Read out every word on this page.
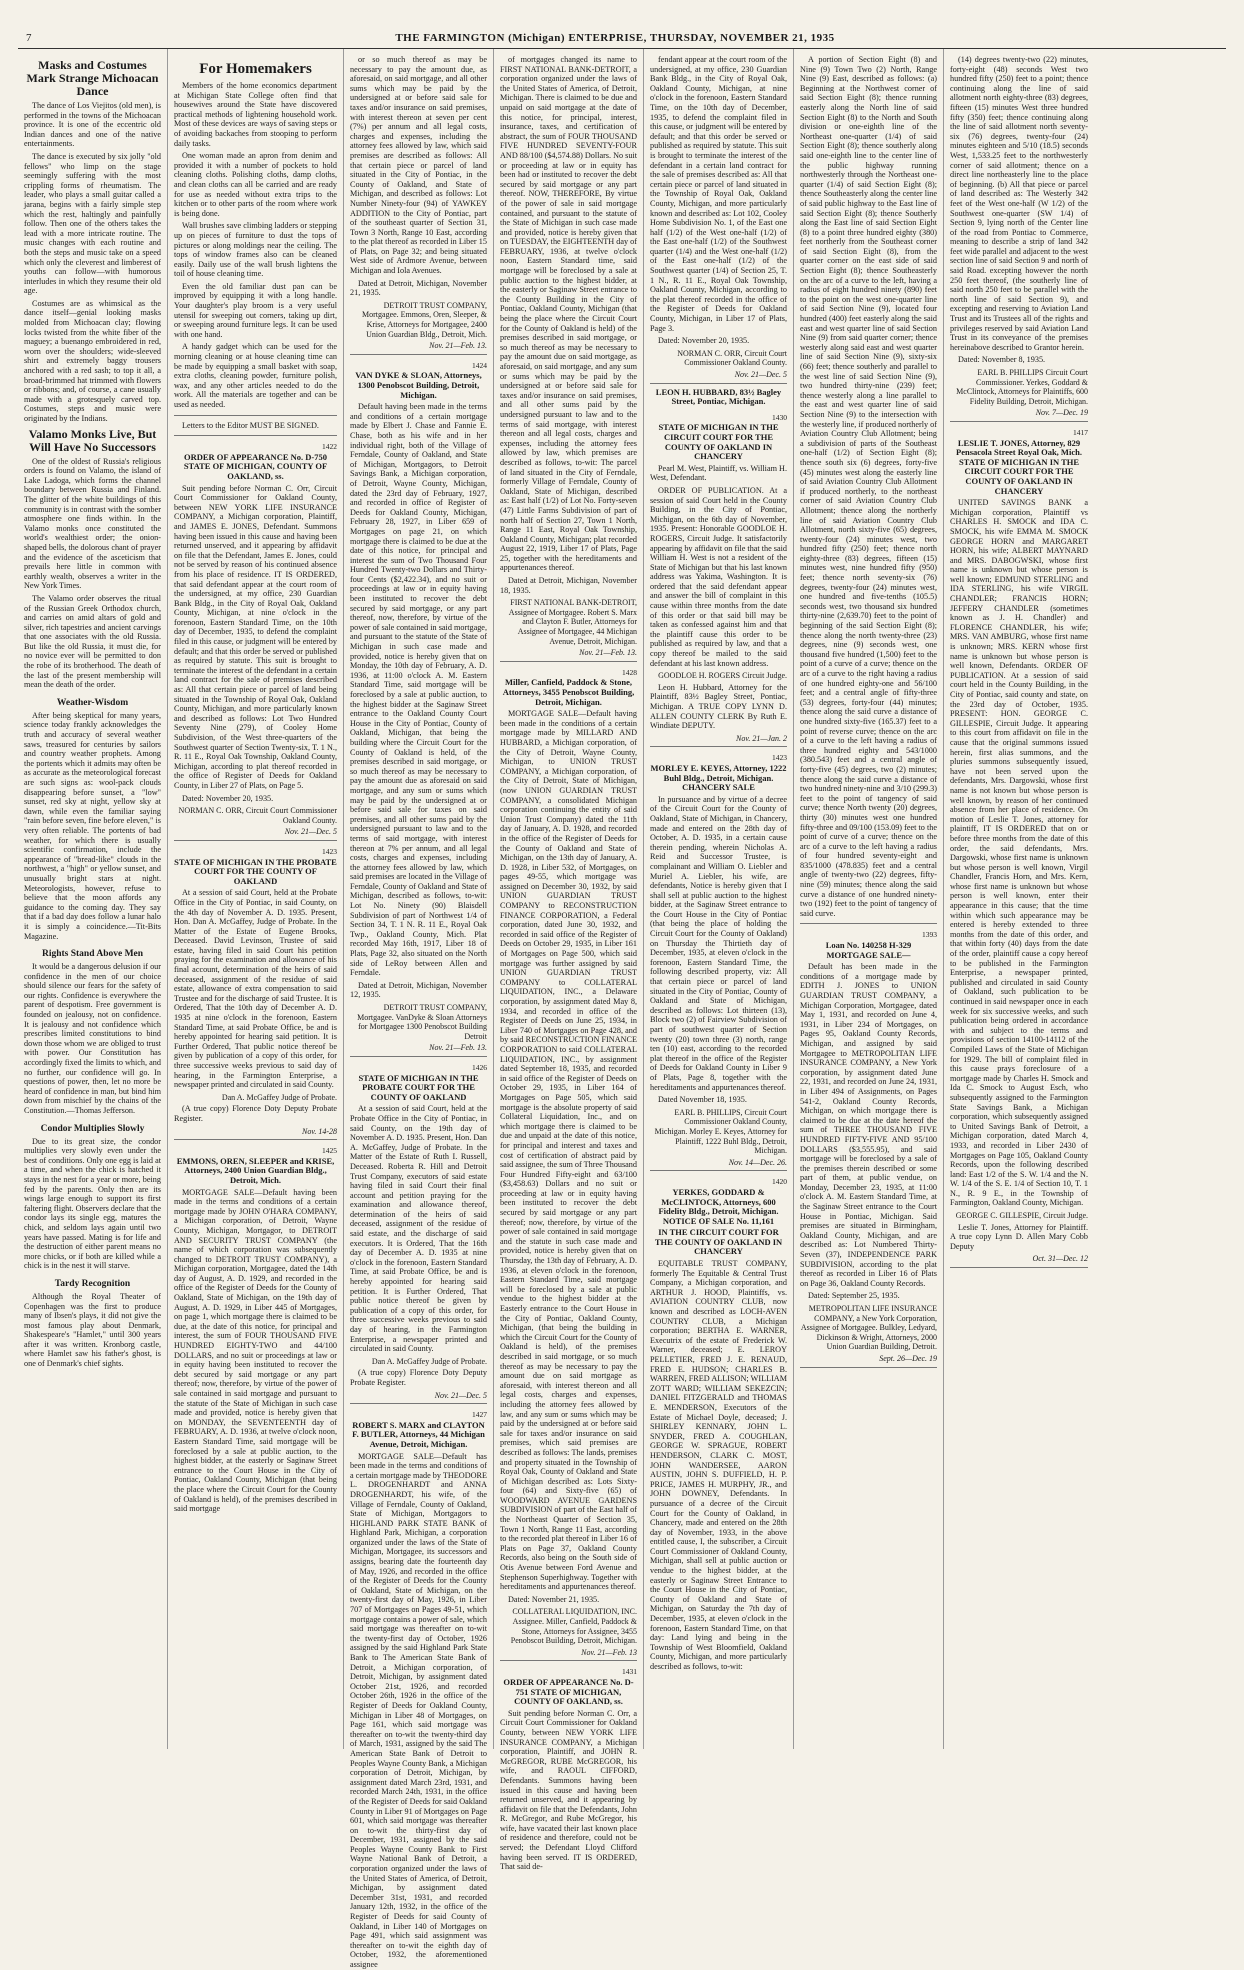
7	THE FARMINGTON (Michigan) ENTERPRISE, THURSDAY, NOVEMBER 21, 1935
Masks and Costumes Mark Strange Michoacan Dance

The dance of Los Viejitos (old men), is performed in the towns of the Michoacan province. It is one of the eccentric old Indian dances and one of the native entertainments.

The dance is executed by six jolly "old fellows" who limp on the stage seemingly suffering with the most crippling forms of rheumatism. The leader, who plays a small guitar called a jarana, begins with a fairly simple step which the rest, haltingly and painfully follow. Then one of the others takes the lead with a more intricate routine. The music changes with each routine and both the steps and music take on a speed which only the cleverest and limberest of youths can follow—with humorous interludes in which they resume their old age.

Costumes are as whimsical as the dance itself—genial looking masks molded from Michoacan clay; flowing locks twisted from the white fiber of the maguey; a buenango embroidered in red, worn over the shoulders; wide-sleeved shirt and extremely baggy trousers anchored with a red sash; to top it all, a broad-brimmed hat trimmed with flowers or ribbons; and, of course, a cane usually made with a grotesquely carved top. Costumes, steps and music were originated by the Indians.

Valamo Monks Live, But Will Have No Successors

One of the oldest of Russia's religious orders is found on Valamo, the island of Lake Ladoga, which forms the channel boundary between Russia and Finland. The glitter of the white buildings of this community is in contrast with the somber atmosphere one finds within. In the Valamo monks once constituted the world's wealthiest order; the onion-shaped bells, the dolorous chant of prayer and the evidence of the asceticism that prevails here little in common with earthly wealth, observes a writer in the New York Times.

The Valamo order observes the ritual of the Russian Greek Orthodox church, and carries on amid altars of gold and silver, rich tapestries and ancient carvings that one associates with the old Russia. But like the old Russia, it must die, for no novice ever will be permitted to don the robe of its brotherhood. The death of the last of the present membership will mean the death of the order.

Weather-Wisdom

After being skeptical for many years, science today frankly acknowledges the truth and accuracy of several weather saws, treasured for centuries by sailors and country weather prophets. Among the portents which it admits may often be as accurate as the meteorological forecast are such signs as: wool-pack clouds disappearing before sunset, a "low" sunset, red sky at night, yellow sky at dawn, while even the familiar saying "rain before seven, fine before eleven," is very often reliable. The portents of bad weather, for which there is usually scientific confirmation, include the appearance of "bread-like" clouds in the northwest, a "high" or yellow sunset, and unusually bright stars at night. Meteorologists, however, refuse to believe that the moon affords any guidance to the coming day. They say that if a bad day does follow a lunar halo it is simply a coincidence.—Tit-Bits Magazine.

Rights Stand Above Men

It would be a dangerous delusion if our confidence in the men of our choice should silence our fears for the safety of our rights. Confidence is everywhere the parent of despotism. Free government is founded on jealousy, not on confidence. It is jealousy and not confidence which prescribes limited constitutions to bind down those whom we are obliged to trust with power. Our Constitution has accordingly fixed the limits to which, and no further, our confidence will go. In questions of power, then, let no more be heard of confidence in man, but bind him down from mischief by the chains of the Constitution.—Thomas Jefferson.

Condor Multiplies Slowly

Due to its great size, the condor multiplies very slowly even under the best of conditions. Only one egg is laid at a time, and when the chick is hatched it stays in the nest for a year or more, being fed by the parents. Only then are its wings large enough to support its first faltering flight. Observers declare that the condor lays its single egg, matures the chick, and seldom lays again until two years have passed. Mating is for life and the destruction of either parent means no more chicks, or if both are killed while a chick is in the nest it will starve.

Tardy Recognition

Although the Royal Theater of Copenhagen was the first to produce many of Ibsen's plays, it did not give the most famous play about Denmark, Shakespeare's "Hamlet," until 300 years after it was written. Kronborg castle, where Hamlet saw his father's ghost, is one of Denmark's chief sights.

For Homemakers

Members of the home economics department at Michigan State College often find that housewives around the State have discovered practical methods of lightening household work. Most of these devices are ways of saving steps or of avoiding backaches from stooping to perform daily tasks.

One woman made an apron from denim and provided it with a number of pockets to hold cleaning cloths. Polishing cloths, damp cloths, and clean cloths can all be carried and are ready for use as needed without extra trips to the kitchen or to other parts of the room where work is being done.

Wall brushes save climbing ladders or stepping up on pieces of furniture to dust the tops of pictures or along moldings near the ceiling. The tops of window frames also can be cleaned easily. Daily use of the wall brush lightens the toil of house cleaning time.

Even the old familiar dust pan can be improved by equipping it with a long handle. Your daughter's play broom is a very useful utensil for sweeping out corners, taking up dirt, or sweeping around furniture legs. It can be used with one hand.

A handy gadget which can be used for the morning cleaning or at house cleaning time can be made by equipping a small basket with soap, extra cloths, cleaning powder, furniture polish, wax, and any other articles needed to do the work. All the materials are together and can be used as needed.

Letters to the Editor MUST BE SIGNED.

1422
ORDER OF APPEARANCE No. D-750 STATE OF MICHIGAN, COUNTY OF OAKLAND, ss.

Suit pending before Norman C. Orr, Circuit Court Commissioner for Oakland County, between NEW YORK LIFE INSURANCE COMPANY, a Michigan corporation, Plaintiff, and JAMES E. JONES, Defendant. Summons having been issued in this cause and having been returned unserved, and it appearing by affidavit on file that the Defendant, James E. Jones, could not be served by reason of his continued absence from his place of residence. IT IS ORDERED, that said defendant appear at the court room of the undersigned, at my office, 230 Guardian Bank Bldg., in the City of Royal Oak, Oakland County, Michigan, at nine o'clock in the forenoon, Eastern Standard Time, on the 10th day of December, 1935, to defend the complaint filed in this cause, or judgment will be entered by default; and that this order be served or published as required by statute. This suit is brought to terminate the interest of the defendant in a certain land contract for the sale of premises described as: All that certain piece or parcel of land being situated in the Township of Royal Oak, Oakland County, Michigan, and more particularly known and described as follows: Lot Two Hundred Seventy Nine (279), of Cooley Home Subdivision, of the West three-quarters of the Southwest quarter of Section Twenty-six, T. 1 N., R. 11 E., Royal Oak Township, Oakland County, Michigan, according to plat thereof recorded in the office of Register of Deeds for Oakland County, in Liber 27 of Plats, on Page 5.

Dated: November 20, 1935.

NORMAN C. ORR, Circuit Court Commissioner Oakland County.
Nov. 21—Dec. 5
1423
STATE OF MICHIGAN IN THE PROBATE COURT FOR THE COUNTY OF OAKLAND

At a session of said Court, held at the Probate Office in the City of Pontiac, in said County, on the 4th day of November A. D. 1935. Present, Hon. Dan A. McGaffey, Judge of Probate. In the Matter of the Estate of Eugene Brooks, Deceased. David Levinson, Trustee of said estate, having filed in said Court his petition praying for the examination and allowance of his final account, determination of the heirs of said deceased, assignment of the residue of said estate, allowance of extra compensation to said Trustee and for the discharge of said Trustee. It is Ordered, That the 10th day of December A. D. 1935 at nine o'clock in the forenoon, Eastern Standard Time, at said Probate Office, be and is hereby appointed for hearing said petition. It is Further Ordered, That public notice thereof be given by publication of a copy of this order, for three successive weeks previous to said day of hearing, in the Farmington Enterprise, a newspaper printed and circulated in said County.

Dan A. McGaffey Judge of Probate.

(A true copy) Florence Doty Deputy Probate Register.

Nov. 14-28
1425
EMMONS, OREN, SLEEPER and KRISE, Attorneys, 2400 Union Guardian Bldg., Detroit, Mich.

MORTGAGE SALE—Default having been made in the terms and conditions of a certain mortgage made by JOHN O'HARA COMPANY, a Michigan corporation, of Detroit, Wayne County, Michigan, Mortgagor, to DETROIT AND SECURITY TRUST COMPANY (the name of which corporation was subsequently changed to DETROIT TRUST COMPANY), a Michigan corporation, Mortgagee, dated the 14th day of August, A. D. 1929, and recorded in the office of the Register of Deeds for the County of Oakland, State of Michigan, on the 19th day of August, A. D. 1929, in Liber 445 of Mortgages, on page 1, which mortgage there is claimed to be due, at the date of this notice, for principal and interest, the sum of FOUR THOUSAND FIVE HUNDRED EIGHTY-TWO and 44/100 DOLLARS, and no suit or proceedings at law or in equity having been instituted to recover the debt secured by said mortgage or any part thereof; now, therefore, by virtue of the power of sale contained in said mortgage and pursuant to the statute of the State of Michigan in such case made and provided, notice is hereby given that on MONDAY, the SEVENTEENTH day of FEBRUARY, A. D. 1936, at twelve o'clock noon, Eastern Standard Time, said mortgage will be foreclosed by a sale at public auction, to the highest bidder, at the easterly or Saginaw Street entrance to the Court House in the City of Pontiac, Oakland County, Michigan (that being the place where the Circuit Court for the County of Oakland is held), of the premises described in said mortgage

or so much thereof as may be necessary to pay the amount due, as aforesaid, on said mortgage, and all other sums which may be paid by the undersigned at or before said sale for taxes and/or insurance on said premises, with interest thereon at seven per cent (7%) per annum and all legal costs, charges and expenses, including the attorney fees allowed by law, which said premises are described as follows: All that certain piece or parcel of land situated in the City of Pontiac, in the County of Oakland, and State of Michigan, and described as follows: Lot Number Ninety-four (94) of YAWKEY ADDITION to the City of Pontiac, part of the southeast quarter of Section 31, Town 3 North, Range 10 East, according to the plat thereof as recorded in Liber 15 of Plats, on Page 32; and being situated West side of Ardmore Avenue, between Michigan and Iola Avenues.

Dated at Detroit, Michigan, November 21, 1935.

DETROIT TRUST COMPANY, Mortgagee. Emmons, Oren, Sleeper, & Krise, Attorneys for Mortgagee, 2400 Union Guardian Bldg., Detroit, Mich.
Nov. 21—Feb. 13.
1424
VAN DYKE & SLOAN, Attorneys, 1300 Penobscot Building, Detroit, Michigan.

Default having been made in the terms and conditions of a certain mortgage made by Elbert J. Chase and Fannie E. Chase, both as his wife and in her individual right, both of the Village of Ferndale, County of Oakland, and State of Michigan, Mortgagors, to Detroit Savings Bank, a Michigan corporation, of Detroit, Wayne County, Michigan, dated the 23rd day of February, 1927, and recorded in office of Register of Deeds for Oakland County, Michigan, February 28, 1927, in Liber 659 of Mortgages on page 21, on which mortgage there is claimed to be due at the date of this notice, for principal and interest the sum of Two Thousand Four Hundred Twenty-two Dollars and Thirty-four Cents ($2,422.34), and no suit or proceedings at law or in equity having been instituted to recover the debt secured by said mortgage, or any part thereof, now, therefore, by virtue of the power of sale contained in said mortgage, and pursuant to the statute of the State of Michigan in such case made and provided, notice is hereby given that on Monday, the 10th day of February, A. D. 1936, at 11:00 o'clock A. M. Eastern Standard Time, said mortgage will be foreclosed by a sale at public auction, to the highest bidder at the Saginaw Street entrance to the Oakland County Court House in the City of Pontiac, County of Oakland, Michigan, that being the building where the Circuit Court for the County of Oakland is held, of the premises described in said mortgage, or so much thereof as may be necessary to pay the amount due as aforesaid on said mortgage, and any sum or sums which may be paid by the undersigned at or before said sale for taxes on said premises, and all other sums paid by the undersigned pursuant to law and to the terms of said mortgage, with interest thereon at 7% per annum, and all legal costs, charges and expenses, including the attorney fees allowed by law, which said premises are located in the Village of Ferndale, County of Oakland and State of Michigan, described as follows, to-wit: Lot No. Ninety (90) Blaisdell Subdivision of part of Northwest 1/4 of Section 34, T. 1 N. R. 11 E., Royal Oak Twp., Oakland County, Mich. Plat recorded May 16th, 1917, Liber 18 of Plats, Page 32, also situated on the North side of LeRoy between Allen and Ferndale.

Dated at Detroit, Michigan, November 12, 1935.

DETROIT TRUST COMPANY, Mortgagee. VanDyke & Sloan Attorneys for Mortgagee 1300 Penobscot Building Detroit
Nov. 21—Feb. 13.
1426
STATE OF MICHIGAN IN THE PROBATE COURT FOR THE COUNTY OF OAKLAND

At a session of said Court, held at the Probate Office in the City of Pontiac, in said County, on the 19th day of November A. D. 1935. Present, Hon. Dan A. McGaffey, Judge of Probate. In the Matter of the Estate of Ruth I. Russell, Deceased. Roberta R. Hill and Detroit Trust Company, executors of said estate having filed in said Court their final account and petition praying for the examination and allowance thereof, determination of the heirs of said deceased, assignment of the residue of said estate, and the discharge of said executors. It is Ordered, That the 16th day of December A. D. 1935 at nine o'clock in the forenoon, Eastern Standard Time, at said Probate Office, be and is hereby appointed for hearing said petition. It is Further Ordered, That public notice thereof be given by publication of a copy of this order, for three successive weeks previous to said day of hearing, in the Farmington Enterprise, a newspaper printed and circulated in said County.

Dan A. McGaffey Judge of Probate.

(A true copy) Florence Doty Deputy Probate Register.

Nov. 21—Dec. 5
1427
ROBERT S. MARX and CLAYTON F. BUTLER, Attorneys, 44 Michigan Avenue, Detroit, Michigan.

MORTGAGE SALE—Default has been made in the terms and conditions of a certain mortgage made by THEODORE L. DROGENHARDT and ANNA DROGENHARDT, his wife, of the Village of Ferndale, County of Oakland, State of Michigan, Mortgagors to HIGHLAND PARK STATE BANK of Highland Park, Michigan, a corporation organized under the laws of the State of Michigan, Mortgagee, its successors and assigns, bearing date the fourteenth day of May, 1926, and recorded in the office of the Register of Deeds for the County of Oakland, State of Michigan, on the twenty-first day of May, 1926, in Liber 707 of Mortgages on Pages 49-51, which mortgage contains a power of sale, which said mortgage was thereafter on to-wit the twenty-first day of October, 1926 assigned by the said Highland Park State Bank to The American State Bank of Detroit, a Michigan corporation, of Detroit, Michigan, by assignment dated October 21st, 1926, and recorded October 26th, 1926 in the office of the Register of Deeds for Oakland County, Michigan in Liber 48 of Mortgages, on Page 161, which said mortgage was thereafter on to-wit the twenty-third day of March, 1931, assigned by the said The American State Bank of Detroit to Peoples Wayne County Bank, a Michigan corporation of Detroit, Michigan, by assignment dated March 23rd, 1931, and recorded March 24th, 1931, in the office of the Register of Deeds for said Oakland County in Liber 91 of Mortgages on Page 601, which said mortgage was thereafter on to-wit the thirty-first day of December, 1931, assigned by the said Peoples Wayne County Bank to First Wayne National Bank of Detroit, a corporation organized under the laws of the United States of America, of Detroit, Michigan, by assignment dated December 31st, 1931, and recorded January 12th, 1932, in the office of the Register of Deeds for said County of Oakland, in Liber 140 of Mortgages on Page 491, which said assignment was thereafter on to-wit the eighth day of October, 1932, the aforementioned assignee

of mortgages changed its name to FIRST NATIONAL BANK-DETROIT, a corporation organized under the laws of the United States of America, of Detroit, Michigan. There is claimed to be due and unpaid on said mortgage at the date of this notice, for principal, interest, insurance, taxes, and certification of abstract, the sum of FOUR THOUSAND FIVE HUNDRED SEVENTY-FOUR AND 88/100 ($4,574.88) Dollars. No suit or proceeding at law or in equity has been had or instituted to recover the debt secured by said mortgage or any part thereof. NOW, THEREFORE, By virtue of the power of sale in said mortgage contained, and pursuant to the statute of the State of Michigan in such case made and provided, notice is hereby given that on TUESDAY, the EIGHTEENTH day of FEBRUARY, 1936, at twelve o'clock noon, Eastern Standard time, said mortgage will be foreclosed by a sale at public auction to the highest bidder, at the easterly or Saginaw Street entrance to the County Building in the City of Pontiac, Oakland County, Michigan (that being the place where the Circuit Court for the County of Oakland is held) of the premises described in said mortgage, or so much thereof as may be necessary to pay the amount due on said mortgage, as aforesaid, on said mortgage, and any sum or sums which may be paid by the undersigned at or before said sale for taxes and/or insurance on said premises, and all other sums paid by the undersigned pursuant to law and to the terms of said mortgage, with interest thereon and all legal costs, charges and expenses, including the attorney fees allowed by law, which premises are described as follows, to-wit: The parcel of land situated in the City of Ferndale, formerly Village of Ferndale, County of Oakland, State of Michigan, described as: East half (1/2) of Lot No. Forty-seven (47) Little Farms Subdivision of part of north half of Section 27, Town 1 North, Range 11 East, Royal Oak Township, Oakland County, Michigan; plat recorded August 22, 1919, Liber 17 of Plats, Page 25, together with the hereditaments and appurtenances thereof.

Dated at Detroit, Michigan, November 18, 1935.

FIRST NATIONAL BANK-DETROIT, Assignee of Mortgagee. Robert S. Marx and Clayton F. Butler, Attorneys for Assignee of Mortgagee, 44 Michigan Avenue, Detroit, Michigan.
Nov. 21—Feb. 13.
1428
Miller, Canfield, Paddock & Stone, Attorneys, 3455 Penobscot Building, Detroit, Michigan.

MORTGAGE SALE—Default having been made in the conditions of a certain mortgage made by MILLARD AND HUBBARD, a Michigan corporation, of the City of Detroit, Wayne County, Michigan, to UNION TRUST COMPANY, a Michigan corporation, of the City of Detroit, State of Michigan, (now UNION GUARDIAN TRUST COMPANY, a consolidated Michigan corporation continuing the entity of said Union Trust Company) dated the 11th day of January, A. D. 1928, and recorded in the office of the Register of Deeds for the County of Oakland and State of Michigan, on the 13th day of January, A. D. 1928, in Liber 532, of Mortgages, on pages 49-55, which mortgage was assigned on December 30, 1932, by said UNION GUARDIAN TRUST COMPANY to RECONSTRUCTION FINANCE CORPORATION, a Federal corporation, dated June 30, 1932, and recorded in said office of the Register of Deeds on October 29, 1935, in Liber 161 of Mortgages on Page 500, which said mortgage was further assigned by said UNION GUARDIAN TRUST COMPANY to COLLATERAL LIQUIDATION, INC., a Delaware corporation, by assignment dated May 8, 1934, and recorded in office of the Register of Deeds on June 25, 1934, in Liber 740 of Mortgages on Page 428, and by said RECONSTRUCTION FINANCE CORPORATION to said COLLATERAL LIQUIDATION, INC., by assignment dated September 18, 1935, and recorded in said office of the Register of Deeds on October 29, 1935, in Liber 164 of Mortgages on Page 505, which said mortgage is the absolute property of said Collateral Liquidation, Inc., and on which mortgage there is claimed to be due and unpaid at the date of this notice, for principal and interest and taxes and cost of certification of abstract paid by said assignee, the sum of Three Thousand Four Hundred Fifty-eight and 63/100 ($3,458.63) Dollars and no suit or proceeding at law or in equity having been instituted to recover the debt secured by said mortgage or any part thereof; now, therefore, by virtue of the power of sale contained in said mortgage and the statute in such case made and provided, notice is hereby given that on Thursday, the 13th day of February, A. D. 1936, at eleven o'clock in the forenoon, Eastern Standard Time, said mortgage will be foreclosed by a sale at public vendue to the highest bidder at the Easterly entrance to the Court House in the City of Pontiac, Oakland County, Michigan, (that being the building in which the Circuit Court for the County of Oakland is held), of the premises described in said mortgage, or so much thereof as may be necessary to pay the amount due on said mortgage as aforesaid, with interest thereon and all legal costs, charges and expenses, including the attorney fees allowed by law, and any sum or sums which may be paid by the undersigned at or before said sale for taxes and/or insurance on said premises, which said premises are described as follows: The lands, premises and property situated in the Township of Royal Oak, County of Oakland and State of Michigan described as: Lots Sixty-four (64) and Sixty-five (65) of WOODWARD AVENUE GARDENS SUBDIVISION of part of the East half of the Northeast Quarter of Section 35, Town 1 North, Range 11 East, according to the recorded plat thereof in Liber 16 of Plats on Page 37, Oakland County Records, also being on the South side of Otis Avenue between Ford Avenue and Stephenson Superhighway. Together with hereditaments and appurtenances thereof.

Dated: November 21, 1935.

COLLATERAL LIQUIDATION, INC. Assignee. Miller, Canfield, Paddock & Stone, Attorneys for Assignee, 3455 Penobscot Building, Detroit, Michigan.
Nov. 21—Feb. 13
1431
ORDER OF APPEARANCE No. D-751 STATE OF MICHIGAN, COUNTY OF OAKLAND, ss.

Suit pending before Norman C. Orr, a Circuit Court Commissioner for Oakland County, between NEW YORK LIFE INSURANCE COMPANY, a Michigan corporation, Plaintiff, and JOHN R. McGREGOR, RUBE McGREGOR, his wife, and RAOUL CIFFORD, Defendants. Summons having been issued in this cause and having been returned unserved, and it appearing by affidavit on file that the Defendants, John R. McGregor, and Rube McGregor, his wife, have vacated their last known place of residence and therefore, could not be served; the Defendant Lloyd Clifford having been served. IT IS ORDERED, That said de-

fendant appear at the court room of the undersigned, at my office, 230 Guardian Bank Bldg., in the City of Royal Oak, Oakland County, Michigan, at nine o'clock in the forenoon, Eastern Standard Time, on the 10th day of December, 1935, to defend the complaint filed in this cause, or judgment will be entered by default; and that this order be served or published as required by statute. This suit is brought to terminate the interest of the defendant in a certain land contract for the sale of premises described as: All that certain piece or parcel of land situated in the Township of Royal Oak, Oakland County, Michigan, and more particularly known and described as: Lot 102, Cooley Home Subdivision No. 1, of the East one half (1/2) of the West one-half (1/2) of the East one-half (1/2) of the Southwest quarter (1/4) and the West one-half (1/2) of the East one-half (1/2) of the Southwest quarter (1/4) of Section 25, T. 1 N., R. 11 E., Royal Oak Township, Oakland County, Michigan, according to the plat thereof recorded in the office of the Register of Deeds for Oakland County, Michigan, in Liber 17 of Plats, Page 3.

Dated: November 20, 1935.

NORMAN C. ORR, Circuit Court Commissioner Oakland County.
Nov. 21—Dec. 5
LEON H. HUBBARD, 83½ Bagley Street, Pontiac, Michigan.
1430
STATE OF MICHIGAN IN THE CIRCUIT COURT FOR THE COUNTY OF OAKLAND IN CHANCERY

Pearl M. West, Plaintiff, vs. William H. West, Defendant.

ORDER OF PUBLICATION. At a session of said Court held in the County Building, in the City of Pontiac, Michigan, on the 6th day of November, 1935. Present: Honorable GOODLOE H. ROGERS, Circuit Judge. It satisfactorily appearing by affidavit on file that the said William H. West is not a resident of the State of Michigan but that his last known address was Yakima, Washington. It is ordered that the said defendant appear and answer the bill of complaint in this cause within three months from the date of this order or that said bill may be taken as confessed against him and that the plaintiff cause this order to be published as required by law, and that a copy thereof be mailed to the said defendant at his last known address.

GOODLOE H. ROGERS Circuit Judge.

Leon H. Hubbard, Attorney for the Plaintiff, 83½ Bagley Street, Pontiac, Michigan. A TRUE COPY LYNN D. ALLEN COUNTY CLERK By Ruth E. Windiate DEPUTY.

Nov. 21—Jan. 2
1423
MORLEY E. KEYES, Attorney, 1222 Buhl Bldg., Detroit, Michigan. CHANCERY SALE

In pursuance and by virtue of a decree of the Circuit Court for the County of Oakland, State of Michigan, in Chancery, made and entered on the 28th day of October, A. D. 1935, in a certain cause therein pending, wherein Nicholas A. Reid and Successor Trustee, is complainant and William O. Liebler and Muriel A. Liebler, his wife, are defendants, Notice is hereby given that I shall sell at public auction to the highest bidder, at the Saginaw Street entrance to the Court House in the City of Pontiac (that being the place of holding the Circuit Court for the County of Oakland) on Thursday the Thirtieth day of December, 1935, at eleven o'clock in the forenoon, Eastern Standard Time, the following described property, viz: All that certain piece or parcel of land situated in the City of Pontiac, County of Oakland and State of Michigan, described as follows: Lot thirteen (13), Block two (2) of Fairview Subdivision of part of southwest quarter of Section twenty (20) town three (3) north, range ten (10) east, according to the recorded plat thereof in the office of the Register of Deeds for Oakland County in Liber 9 of Plats, Page 8, together with the hereditaments and appurtenances thereof.

Dated November 18, 1935.

EARL B. PHILLIPS, Circuit Court Commissioner Oakland County, Michigan. Morley E. Keyes, Attorney for Plaintiff, 1222 Buhl Bldg., Detroit, Michigan.
Nov. 14—Dec. 26.
1420
YERKES, GODDARD & McCLINTOCK, Attorneys, 600 Fidelity Bldg., Detroit, Michigan. NOTICE OF SALE No. 11,161
IN THE CIRCUIT COURT FOR THE COUNTY OF OAKLAND IN CHANCERY

EQUITABLE TRUST COMPANY, formerly The Equitable & Central Trust Company, a Michigan corporation, and ARTHUR J. HOOD, Plaintiffs, vs. AVIATION COUNTRY CLUB, now known and described as LOCH-AVEN COUNTRY CLUB, a Michigan corporation; BERTHA E. WARNER, Executrix of the estate of Frederick W. Warner, deceased; E. LEROY PELLETIER, FRED J. E. RENAUD, FRED E. HUDSON; CHARLES B. WARREN, FRED ALLISON; WILLIAM ZOTT WARD; WILLIAM SEKEZCIN; DANIEL FITZGERALD and THOMAS E. MENDERSON, Executors of the Estate of Michael Doyle, deceased; J. SHIRLEY KENNARY, JOHN L. SNYDER, FRED A. COUGHLAN, GEORGE W. SPRAGUE, ROBERT HENDERSON, CLARK C. MOST, JOHN WANDERSEE, AARON AUSTIN, JOHN S. DUFFIELD, H. P. PRICE, JAMES H. MURPHY, JR., and JOHN DOWNEY, Defendants. In pursuance of a decree of the Circuit Court for the County of Oakland, in Chancery, made and entered on the 28th day of November, 1933, in the above entitled cause, I, the subscriber, a Circuit Court Commissioner of Oakland County, Michigan, shall sell at public auction or vendue to the highest bidder, at the easterly or Saginaw Street Entrance to the Court House in the City of Pontiac, County of Oakland and State of Michigan, on Saturday the 7th day of December, 1935, at eleven o'clock in the forenoon, Eastern Standard Time, on that day: Land lying and being in the Township of West Bloomfield, Oakland County, Michigan, and more particularly described as follows, to-wit:

A portion of Section Eight (8) and Nine (9) Town Two (2) North, Range Nine (9) East, described as follows: (a) Beginning at the Northwest corner of said Section Eight (8); thence running easterly along the North line of said Section Eight (8) to the North and South division or one-eighth line of the Northeast one-quarter (1/4) of said Section Eight (8); thence southerly along said one-eighth line to the center line of the public highway running northwesterly through the Northeast one-quarter (1/4) of said Section Eight (8); thence Southeasterly along the center line of said public highway to the East line of said Section Eight (8); thence Southerly along the East line of said Section Eight (8) to a point three hundred eighty (380) feet northerly from the Southeast corner of said Section Eight (8), from the quarter corner on the east side of said Section Eight (8); thence Southeasterly on the arc of a curve to the left, having a radius of eight hundred ninety (890) feet to the point on the west one-quarter line of said Section Nine (9), located four hundred (400) feet easterly along the said east and west quarter line of said Section Nine (9) from said quarter corner; thence westerly along said east and west quarter line of said Section Nine (9), sixty-six (66) feet; thence southerly and parallel to the west line of said Section Nine (9), two hundred thirty-nine (239) feet; thence westerly along a line parallel to the east and west quarter line of said Section Nine (9) to the intersection with the westerly line, if produced northerly of Aviation Country Club Allotment; being a subdivision of parts of the Southeast one-half (1/2) of Section Eight (8); thence south six (6) degrees, forty-five (45) minutes west along the easterly line of said Aviation Country Club Allotment if produced northerly, to the northeast corner of said Aviation Country Club Allotment; thence along the northerly line of said Aviation Country Club Allotment, north sixty-five (65) degrees, twenty-four (24) minutes west, two hundred fifty (250) feet; thence north eighty-three (83) degrees, fifteen (15) minutes west, nine hundred fifty (950) feet; thence north seventy-six (76) degrees, twenty-four (24) minutes west, one hundred and five-tenths (105.5) seconds west, two thousand six hundred thirty-nine (2,639.70) feet to the point of beginning of the said Section Eight (8); thence along the north twenty-three (23) degrees, nine (9) seconds west, one thousand five hundred (1,500) feet to the point of a curve of a curve; thence on the arc of a curve to the right having a radius of one hundred eighty-one and 56/100 feet; and a central angle of fifty-three (53) degrees, forty-four (44) minutes; thence along the said curve a distance of one hundred sixty-five (165.37) feet to a point of reverse curve; thence on the arc of a curve to the left having a radius of three hundred eighty and 543/1000 (380.543) feet and a central angle of forty-five (45) degrees, two (2) minutes; thence along the said curve a distance of two hundred ninety-nine and 3/10 (299.3) feet to the point of tangency of said curve; thence North twenty (20) degrees, thirty (30) minutes west one hundred fifty-three and 09/100 (153.09) feet to the point of curve of a curve; thence on the arc of a curve to the left having a radius of four hundred seventy-eight and 835/1000 (478.835) feet and a central angle of twenty-two (22) degrees, fifty-nine (59) minutes; thence along the said curve a distance of one hundred ninety-two (192) feet to the point of tangency of said curve.

1393
Loan No. 140258 H-329 MORTGAGE SALE—

Default has been made in the conditions of a mortgage made by EDITH J. JONES to UNION GUARDIAN TRUST COMPANY, a Michigan Corporation, Mortgagee, dated May 1, 1931, and recorded on June 4, 1931, in Liber 234 of Mortgages, on Pages 95, Oakland County Records, Michigan, and assigned by said Mortgagee to METROPOLITAN LIFE INSURANCE COMPANY, a New York corporation, by assignment dated June 22, 1931, and recorded on June 24, 1931, in Liber 494 of Assignments, on Pages 541-2, Oakland County Records, Michigan, on which mortgage there is claimed to be due at the date hereof the sum of THREE THOUSAND FIVE HUNDRED FIFTY-FIVE AND 95/100 DOLLARS ($3,555.95), and said mortgage will be foreclosed by a sale of the premises therein described or some part of them, at public vendue, on Monday, December 23, 1935, at 11:00 o'clock A. M. Eastern Standard Time, at the Saginaw Street entrance to the Court House in Pontiac, Michigan. Said premises are situated in Birmingham, Oakland County, Michigan, and are described as: Lot Numbered Thirty-Seven (37), INDEPENDENCE PARK SUBDIVISION, according to the plat thereof as recorded in Liber 16 of Plats on Page 36, Oakland County Records.

Dated: September 25, 1935.

METROPOLITAN LIFE INSURANCE COMPANY, a New York Corporation, Assignee of Mortgagee. Bulkley, Ledyard, Dickinson & Wright, Attorneys, 2000 Union Guardian Building, Detroit.
Sept. 26—Dec. 19

(14) degrees twenty-two (22) minutes, forty-eight (48) seconds West two hundred fifty (250) feet to a point; thence continuing along the line of said allotment north eighty-three (83) degrees, fifteen (15) minutes West three hundred fifty (350) feet; thence continuing along the line of said allotment north seventy-six (76) degrees, twenty-four (24) minutes eighteen and 5/10 (18.5) seconds West, 1,533.25 feet to the northwesterly corner of said allotment; thence on a direct line northeasterly line to the place of beginning. (b) All that piece or parcel of land described as: The Westerly 342 feet of the West one-half (W 1/2) of the Southwest one-quarter (SW 1/4) of Section 9, lying north of the Center line of the road from Pontiac to Commerce, meaning to describe a strip of land 342 feet wide parallel and adjacent to the west section line of said Section 9 and north of said Road. excepting however the north 250 feet thereof, (the southerly line of said north 250 feet to be parallel with the north line of said Section 9), and excepting and reserving to Aviation Land Trust and its Trustees all of the rights and privileges reserved by said Aviation Land Trust in its conveyance of the premises hereinabove described to Grantor herein.

Dated: November 8, 1935.

EARL B. PHILLIPS Circuit Court Commissioner. Yerkes, Goddard & McClintock, Attorneys for Plaintiffs, 600 Fidelity Building, Detroit, Michigan.
Nov. 7—Dec. 19
1417
LESLIE T. JONES, Attorney, 829 Pensacola Street Royal Oak, Mich. STATE OF MICHIGAN IN THE CIRCUIT COURT FOR THE COUNTY OF OAKLAND IN CHANCERY

UNITED SAVINGS BANK a Michigan corporation, Plaintiff vs CHARLES H. SMOCK and IDA C. SMOCK, his wife EMMA M. SMOCK GEORGE HORN and MARGARET HORN, his wife; ALBERT MAYNARD and MRS. DABOGWSKI, whose first name is unknown but whose person is well known; EDMUND STERLING and IDA STERLING, his wife VIRGIL CHANDLER; FRANCIS HORN; JEFFERY CHANDLER (sometimes known as J. H. Chandler) and FLORENCE CHANDLER, his wife; MRS. VAN AMBURG, whose first name is unknown; MRS. KERN whose first name is unknown but whose person is well known, Defendants. ORDER OF PUBLICATION. At a session of said court held in the County Building, in the City of Pontiac, said county and state, on the 23rd day of October, 1935. PRESENT: HON. GEORGE C. GILLESPIE, Circuit Judge. It appearing to this court from affidavit on file in the cause that the original summons issued herein, first alias summons, and the pluries summons subsequently issued, have not been served upon the defendants, Mrs. Dargowski, whose first name is not known but whose person is well known, by reason of her continued absence from her place of residence. On motion of Leslie T. Jones, attorney for plaintiff, IT IS ORDERED that on or before three months from the date of this order, the said defendants, Mrs. Dargowski, whose first name is unknown but whose person is well known, Virgil Chandler, Francis Horn, and Mrs. Kern, whose first name is unknown but whose person is well known, enter their appearance in this cause; that the time within which such appearance may be entered is hereby extended to three months from the date of this order, and that within forty (40) days from the date of the order, plaintiff cause a copy hereof to be published in the Farmington Enterprise, a newspaper printed, published and circulated in said County of Oakland, such publication to be continued in said newspaper once in each week for six successive weeks, and such publication being ordered in accordance with and subject to the terms and provisions of section 14100-14112 of the Compiled Laws of the State of Michigan for 1929. The bill of complaint filed in this cause prays foreclosure of a mortgage made by Charles H. Smock and Ida C. Smock to August Esch, who subsequently assigned to the Farmington State Savings Bank, a Michigan corporation, which subsequently assigned to United Savings Bank of Detroit, a Michigan corporation, dated March 4, 1933, and recorded in Liber 2430 of Mortgages on Page 105, Oakland County Records, upon the following described land: East 1/2 of the S. W. 1/4 and the N. W. 1/4 of the S. E. 1/4 of Section 10, T. 1 N., R. 9 E., in the Township of Farmington, Oakland County, Michigan.

GEORGE C. GILLESPIE, Circuit Judge.

Leslie T. Jones, Attorney for Plaintiff. A true copy Lynn D. Allen Mary Cobb Deputy

Oct. 31—Dec. 12
